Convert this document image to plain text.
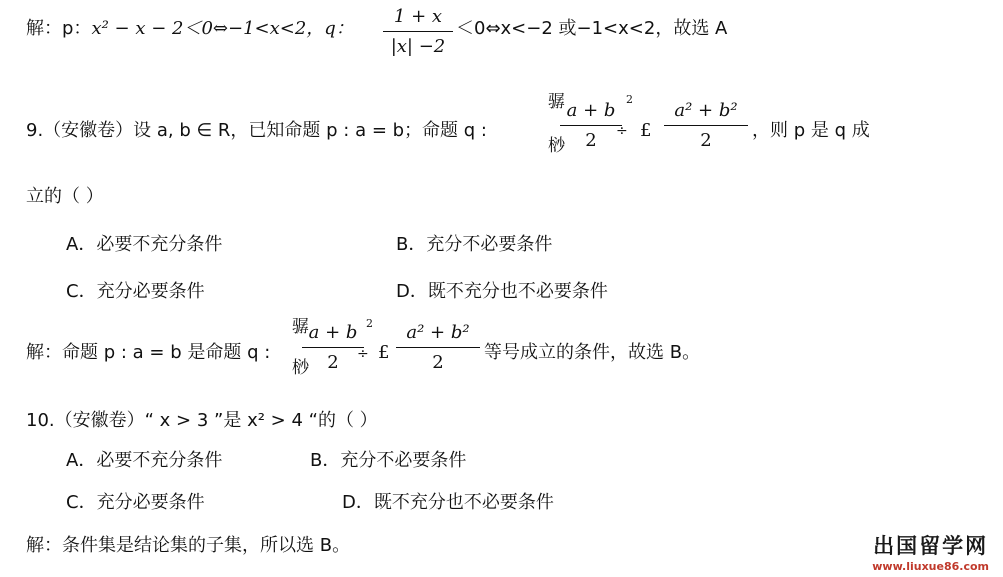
解：p：x² − x − 2＜0⇔−1<x<2，q：
1 + x
|x| −2
＜0⇔x<−2 或−1<x<2，故选 A
9.（安徽卷）设 a, b ∈ R，已知命题 p : a = b；命题 q :
骣
桫
a + b
2	÷
2
£
a² + b²
2	，则 p 是 q 成
立的（ ）
A．必要不充分条件	B．充分不必要条件
C．充分必要条件	D．既不充分也不必要条件
解：命题 p : a = b 是命题 q :
骣
桫
a + b
2	÷
2
£
a² + b²
2	等号成立的条件，故选 B。
10.（安徽卷）“ x > 3 ”是 x² > 4 “的（ ）
A．必要不充分条件	B．充分不必要条件
C．充分必要条件	D．既不充分也不必要条件
解：条件集是结论集的子集，所以选 B。	出国留学网
www.liuxue86.com
